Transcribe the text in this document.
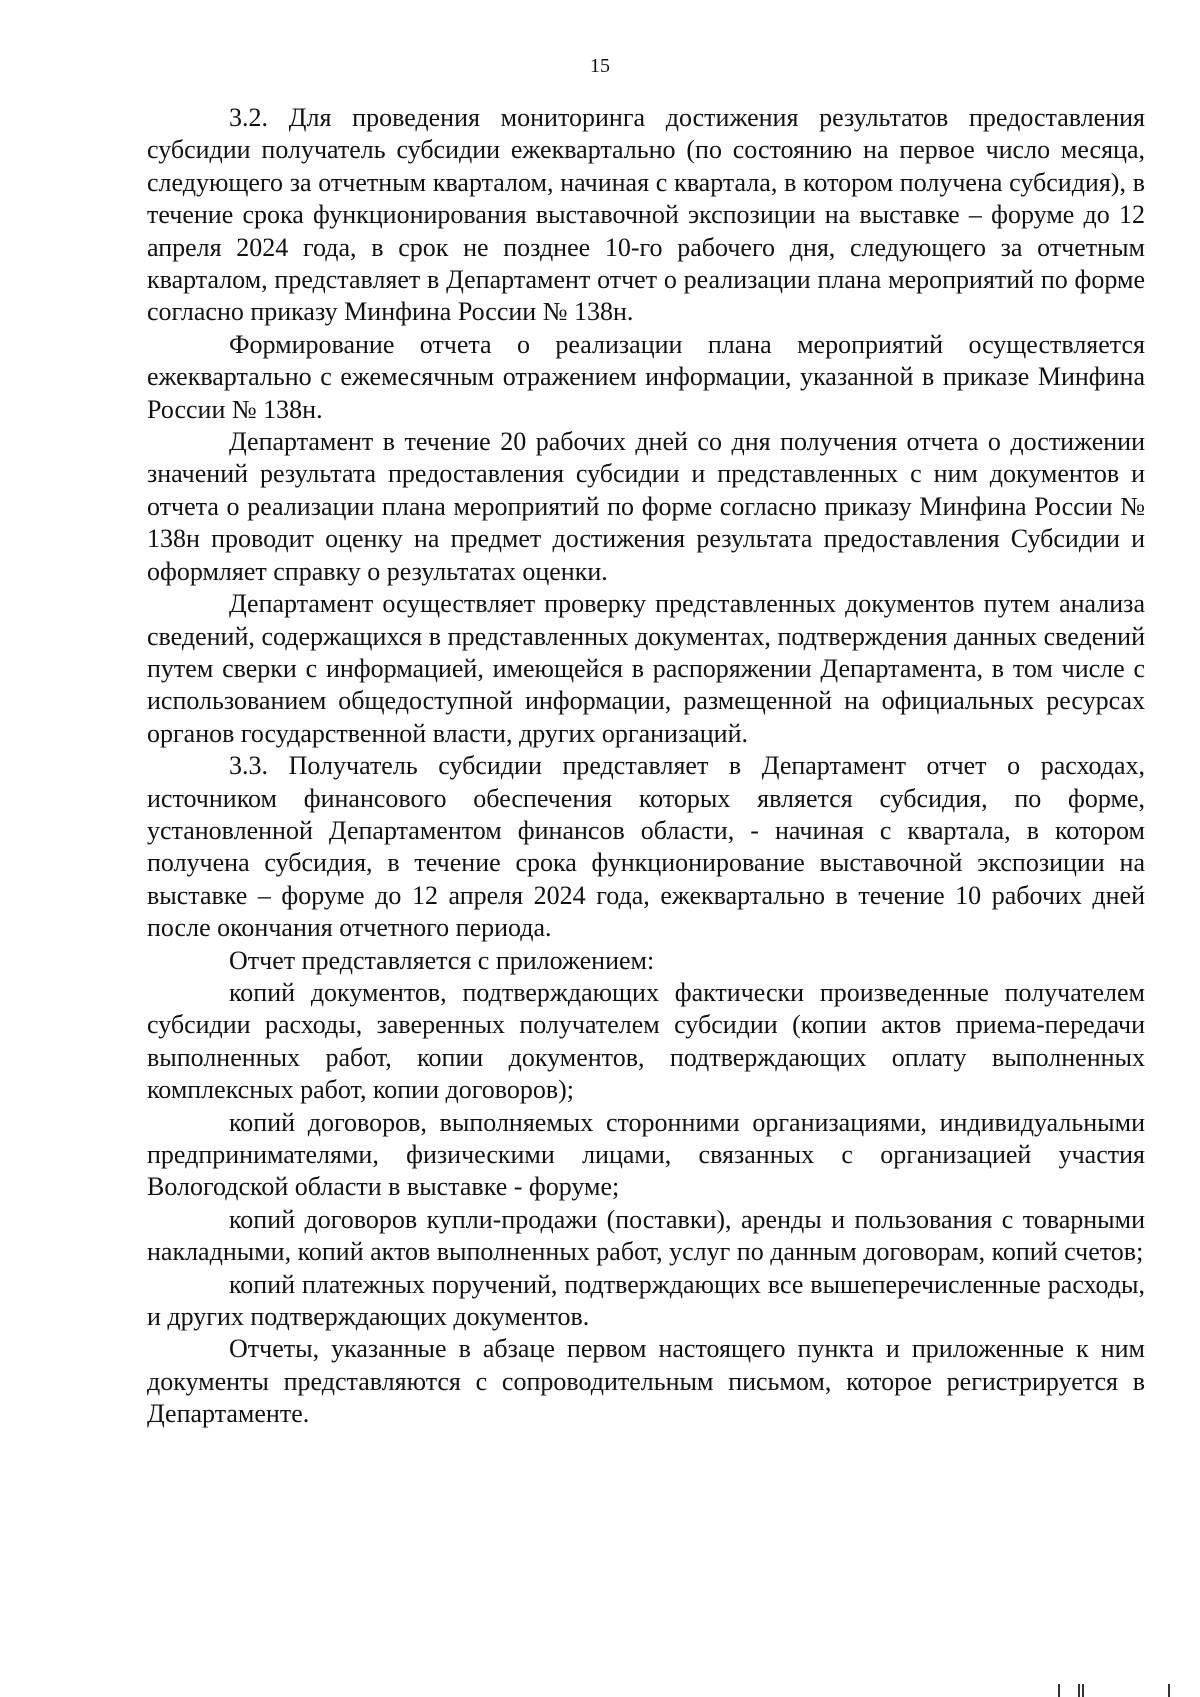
15

3.2. Для проведения мониторинга достижения результатов предоставления субсидии получатель субсидии ежеквартально (по состоянию на первое число месяца, следующего за отчетным кварталом, начиная с квартала, в котором получена субсидия), в течение срока функционирования выставочной экспозиции на выставке – форуме до 12 апреля 2024 года, в срок не позднее 10-го рабочего дня, следующего за отчетным кварталом, представляет в Департамент отчет о реализации плана мероприятий по форме согласно приказу Минфина России № 138н.

Формирование отчета о реализации плана мероприятий осуществляется ежеквартально с ежемесячным отражением информации, указанной в приказе Минфина России № 138н.

Департамент в течение 20 рабочих дней со дня получения отчета о достижении значений результата предоставления субсидии и представленных с ним документов и отчета о реализации плана мероприятий по форме согласно приказу Минфина России № 138н проводит оценку на предмет достижения результата предоставления Субсидии и оформляет справку о результатах оценки.

Департамент осуществляет проверку представленных документов путем анализа сведений, содержащихся в представленных документах, подтверждения данных сведений путем сверки с информацией, имеющейся в распоряжении Департамента, в том числе с использованием общедоступной информации, размещенной на официальных ресурсах органов государственной власти, других организаций.

3.3. Получатель субсидии представляет в Департамент отчет о расходах, источником финансового обеспечения которых является субсидия, по форме, установленной Департаментом финансов области, - начиная с квартала, в котором получена субсидия, в течение срока функционирование выставочной экспозиции на выставке – форуме до 12 апреля 2024 года, ежеквартально в течение 10 рабочих дней после окончания отчетного периода.

Отчет представляется с приложением:

копий документов, подтверждающих фактически произведенные получателем субсидии расходы, заверенных получателем субсидии (копии актов приема-передачи выполненных работ, копии документов, подтверждающих оплату выполненных комплексных работ, копии договоров);

копий договоров, выполняемых сторонними организациями, индивидуальными предпринимателями, физическими лицами, связанных с организацией участия Вологодской области в выставке - форуме;

копий договоров купли-продажи (поставки), аренды и пользования с товарными накладными, копий актов выполненных работ, услуг по данным договорам, копий счетов;

копий платежных поручений, подтверждающих все вышеперечисленные расходы, и других подтверждающих документов.

Отчеты, указанные в абзаце первом настоящего пункта и приложенные к ним документы представляются с сопроводительным письмом, которое регистрируется в Департаменте.
